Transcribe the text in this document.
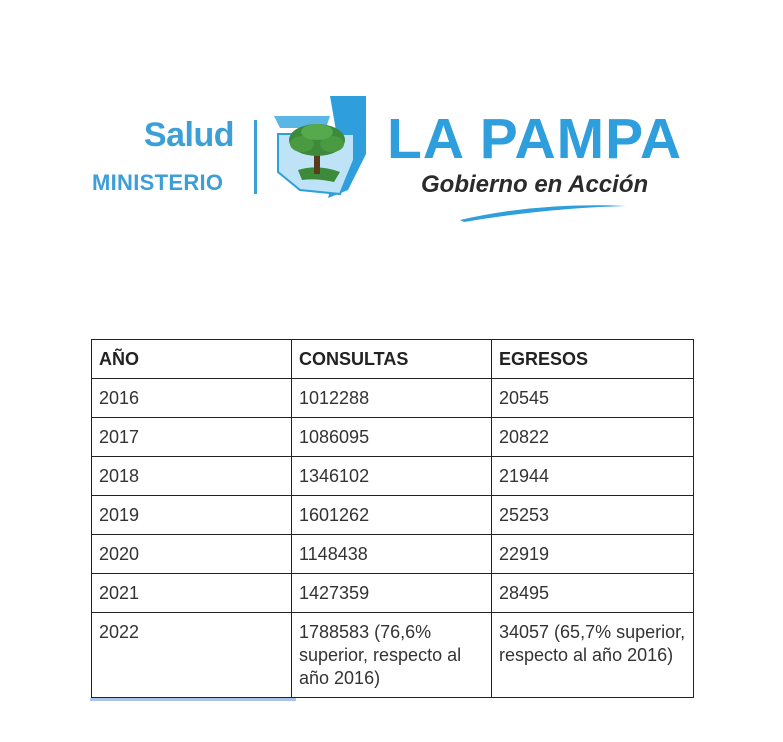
Salud
MINISTERIO
LA PAMPA
Gobierno en Acción
AÑO	CONSULTAS	EGRESOS
2016	1012288	20545
2017	1086095	20822
2018	1346102	21944
2019	1601262	25253
2020	1148438	22919
2021	1427359	28495
2022	1788583 (76,6% superior, respecto al año 2016)	34057 (65,7% superior, respecto al año 2016)
